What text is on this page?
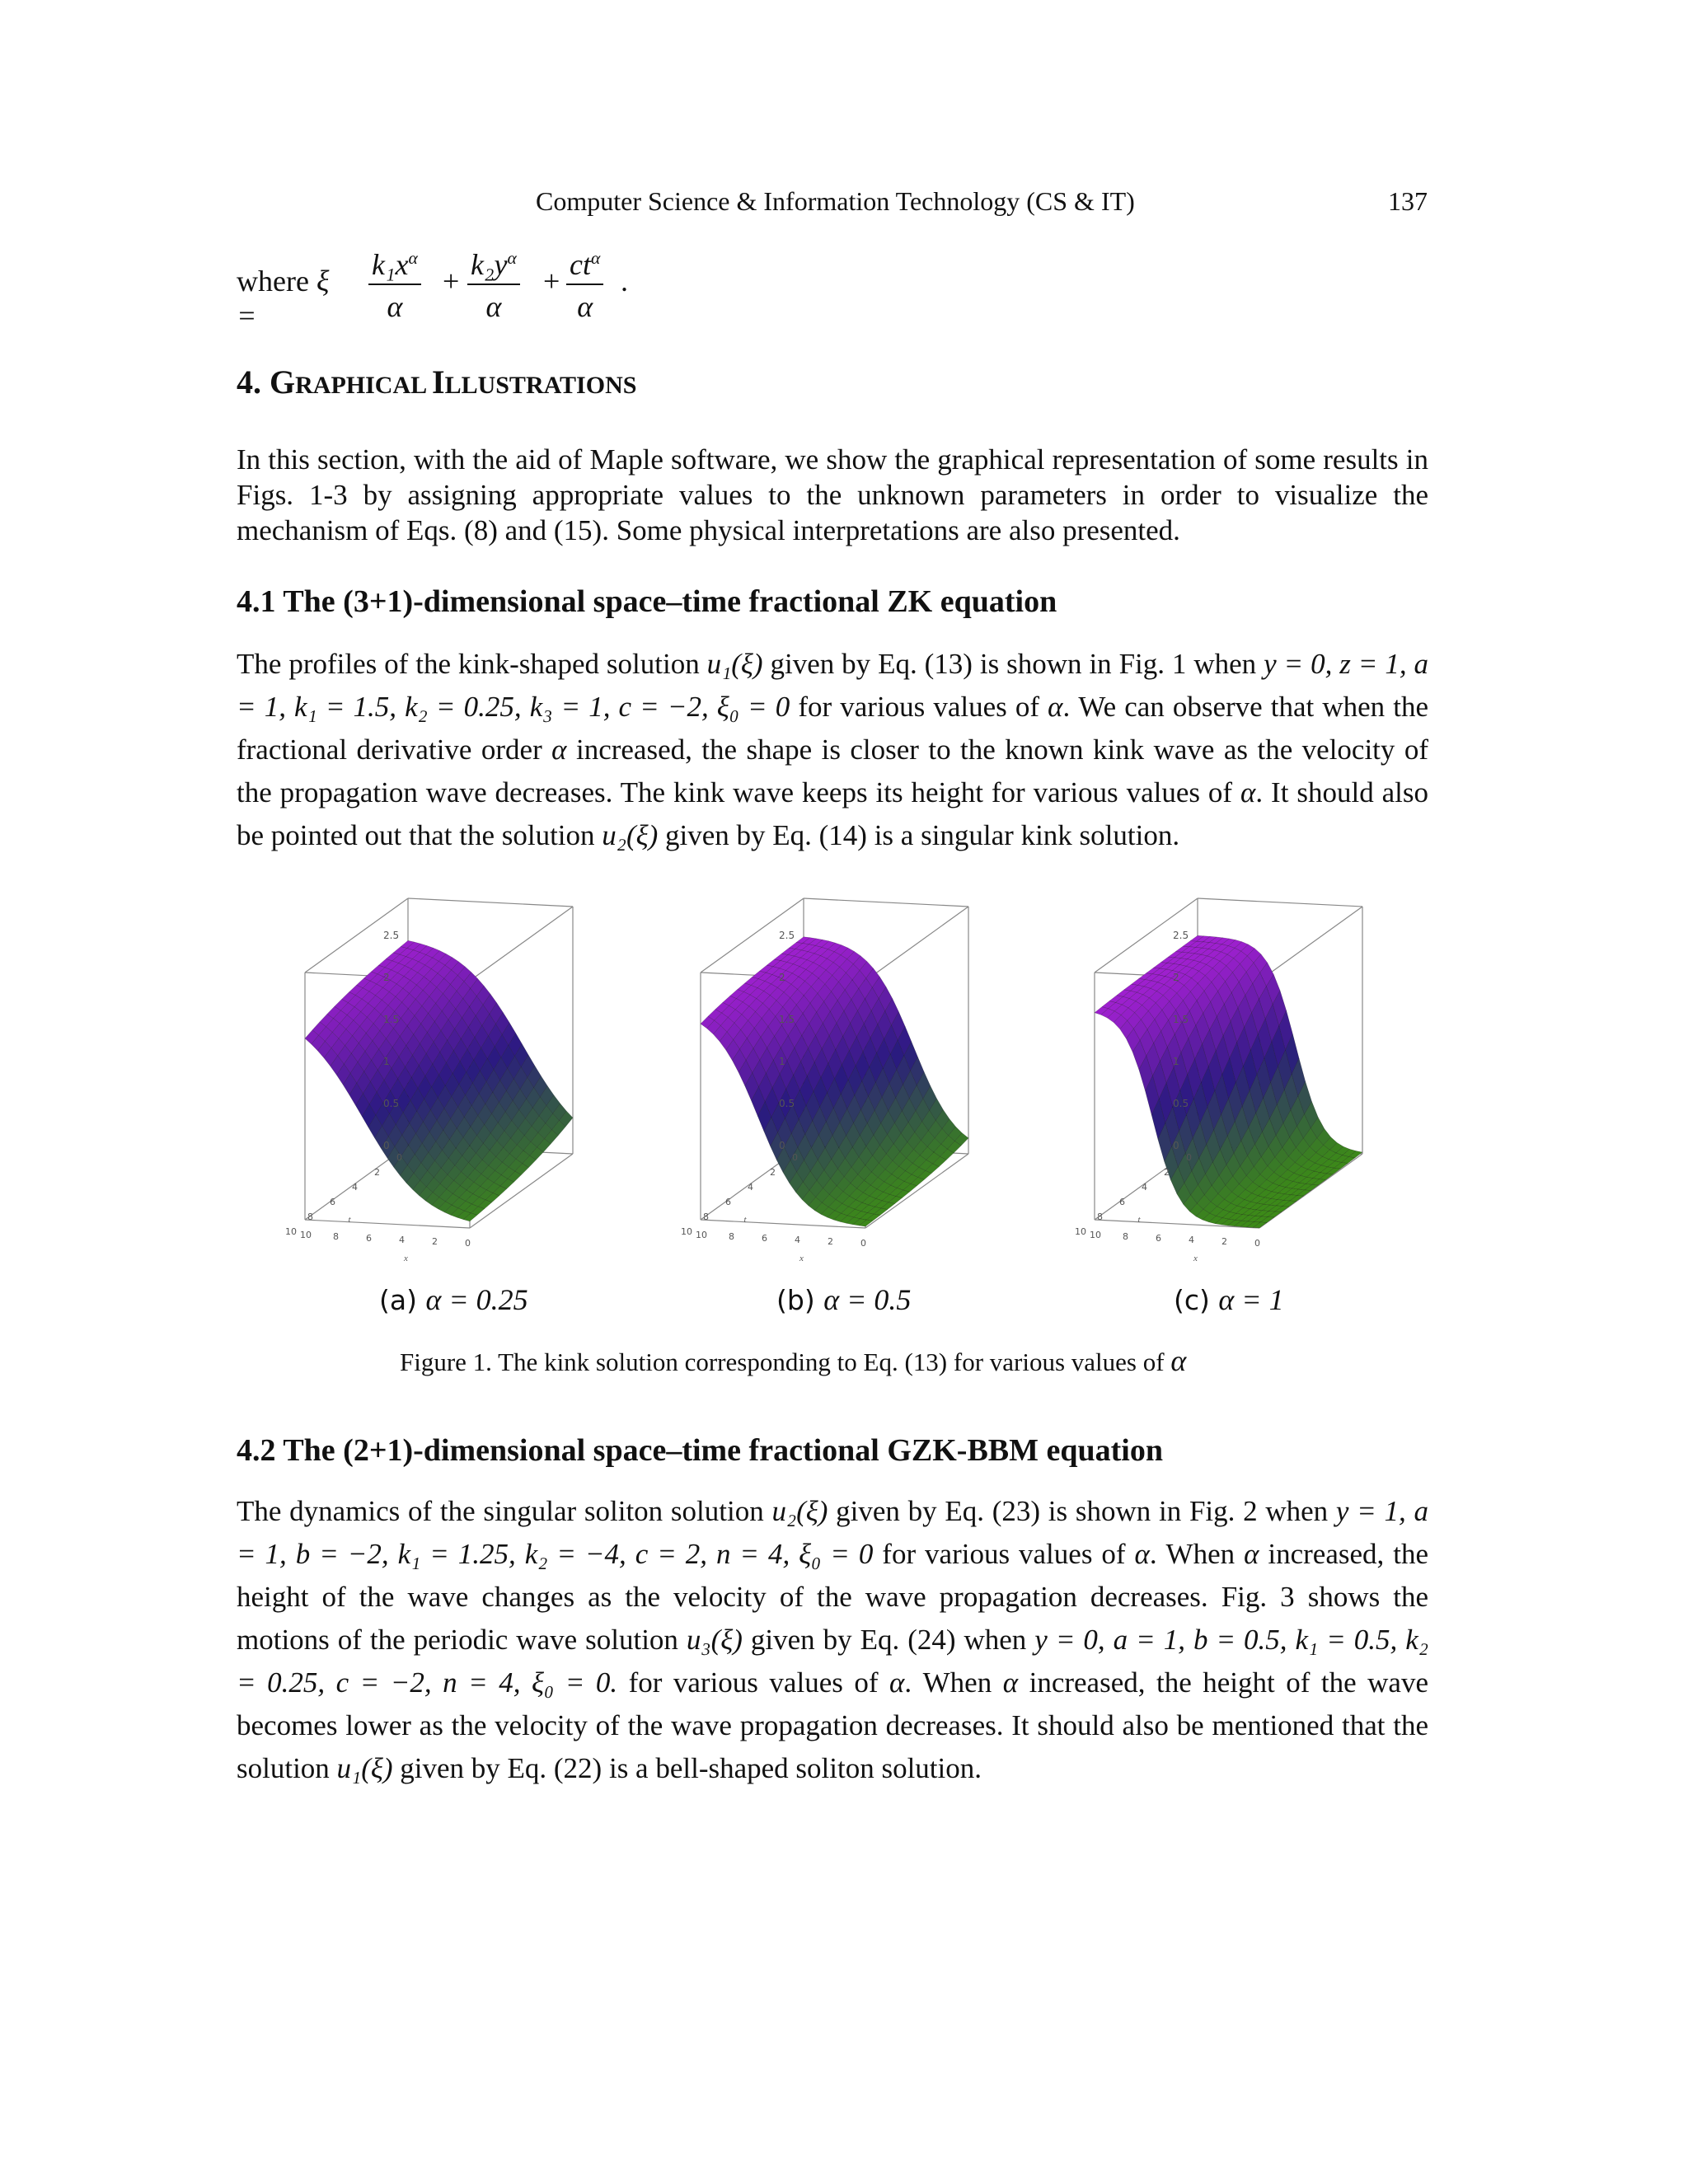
Computer Science & Information Technology (CS & IT)	137
where ξ =	$\frac{k_1x^\alpha}{\alpha} + \frac{k_2y^\alpha}{\alpha} + ct^\alpha$
α
.
4. GRAPHICAL ILLUSTRATIONS

In this section, with the aid of Maple software, we show the graphical representation of some results in Figs. 1-3 by assigning appropriate values to the unknown parameters in order to visualize the mechanism of Eqs. (8) and (15). Some physical interpretations are also presented.

4.1 The (3+1)-dimensional space–time fractional ZK equation

The profiles of the kink-shaped solution u₁(ξ) given by Eq. (13) is shown in Fig. 1 when y = 0, z = 1, a = 1, k₁ = 1.5, k₂ = 0.25, k₃ = 1, c = −2, ξ₀ = 0 for various values of α. We can observe that when the fractional derivative order α increased, the shape is closer to the known kink wave as the velocity of the propagation wave decreases. The kink wave keeps its height for various values of α. It should also be pointed out that the solution u₂(ξ) given by Eq. (14) is a singular kink solution.

2.5
2
1.5
1
0.5
0
0
2
4
6
8
10
t
10 8	6	4	2	0
x
2.5
2
1.5
1
0.5
0
0
2
4
6
8
10
t
10 8	6	4	2	0
x
2.5
2
1.5
1
0.5
0
0
2
4
6
8
10
t
10 8	6	4	2	0
x
(a) α = 0.25	(b) α = 0.5	(c) α = 1
Figure 1. The kink solution corresponding to Eq. (13) for various values of α
4.2 The (2+1)-dimensional space–time fractional GZK-BBM equation

The dynamics of the singular soliton solution u₂(ξ) given by Eq. (23) is shown in Fig. 2 when y = 1, a = 1, b = −2, k₁ = 1.25, k₂ = −4, c = 2, n = 4, ξ₀ = 0 for various values of α. When α increased, the height of the wave changes as the velocity of the wave propagation decreases. Fig. 3 shows the motions of the periodic wave solution u₃(ξ) given by Eq. (24) when y = 0, a = 1, b = 0.5, k₁ = 0.5, k₂ = 0.25, c = −2, n = 4, ξ₀ = 0. for various values of α. When α increased, the height of the wave becomes lower as the velocity of the wave propagation decreases. It should also be mentioned that the solution u₁(ξ) given by Eq. (22) is a bell-shaped soliton solution.
